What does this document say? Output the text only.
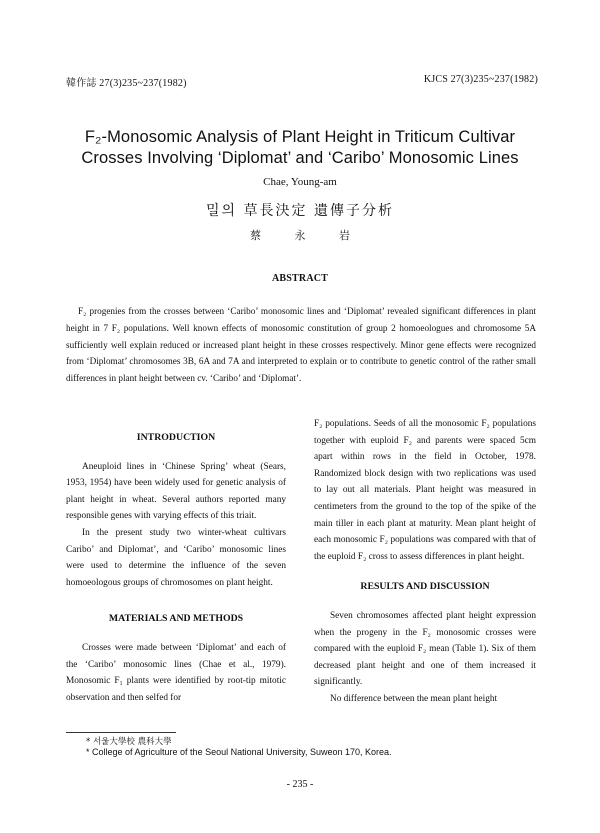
韓作誌 27(3)235~237(1982)	KJCS 27(3)235~237(1982)
F₂-Monosomic Analysis of Plant Height in Triticum Cultivar
Crosses Involving ‘Diplomat’ and ‘Caribo’ Monosomic Lines
Chae, Young-am
밀의 草長決定 遺傳子分析
蔡 永 岩
ABSTRACT
F₂ progenies from the crosses between ‘Caribo’ monosomic lines and ‘Diplomat’ revealed significant differences in plant height in 7 F₂ populations. Well known effects of monosomic constitution of group 2 homoeologues and chromosome 5A sufficiently well explain reduced or increased plant height in these crosses respectively. Minor gene effects were recognized from ‘Diplomat’ chromosomes 3B, 6A and 7A and interpreted to explain or to contribute to genetic control of the rather small differences in plant height between cv. ‘Caribo’ and ‘Diplomat’.

INTRODUCTION

Aneuploid lines in ‘Chinese Spring’ wheat (Sears, 1953, 1954) have been widely used for genetic analysis of plant height in wheat. Several authors reported many responsible genes with varying effects of this triait.

In the present study two winter-wheat cultivars Caribo’ and Diplomat’, and ‘Caribo’ monosomic lines were used to determine the influence of the seven homoeologous groups of chromosomes on plant height.

MATERIALS AND METHODS

Crosses were made between ‘Diplomat’ and each of the ‘Caribo’ monosomic lines (Chae et al., 1979). Monosomic F₁ plants were identified by root-tip mitotic observation and then selfed for

F₂ populations. Seeds of all the monosomic F₂ populations together with euploid F₂ and parents were spaced 5cm apart within rows in the field in October, 1978. Randomized block design with two replications was used to lay out all materials. Plant height was measured in centimeters from the ground to the top of the spike of the main tiller in each plant at maturity. Mean plant height of each monosomic F₂ populations was compared with that of the euploid F₂ cross to assess differences in plant height.

RESULTS AND DISCUSSION

Seven chromosomes affected plant height expression when the progeny in the F₂ monosomic crosses were compared with the euploid F₂ mean (Table 1). Six of them decreased plant height and one of them increased it significantly.

No difference between the mean plant height

* 서울大學校 農科大學
* College of Agriculture of the Seoul National University, Suweon 170, Korea.
- 235 -
